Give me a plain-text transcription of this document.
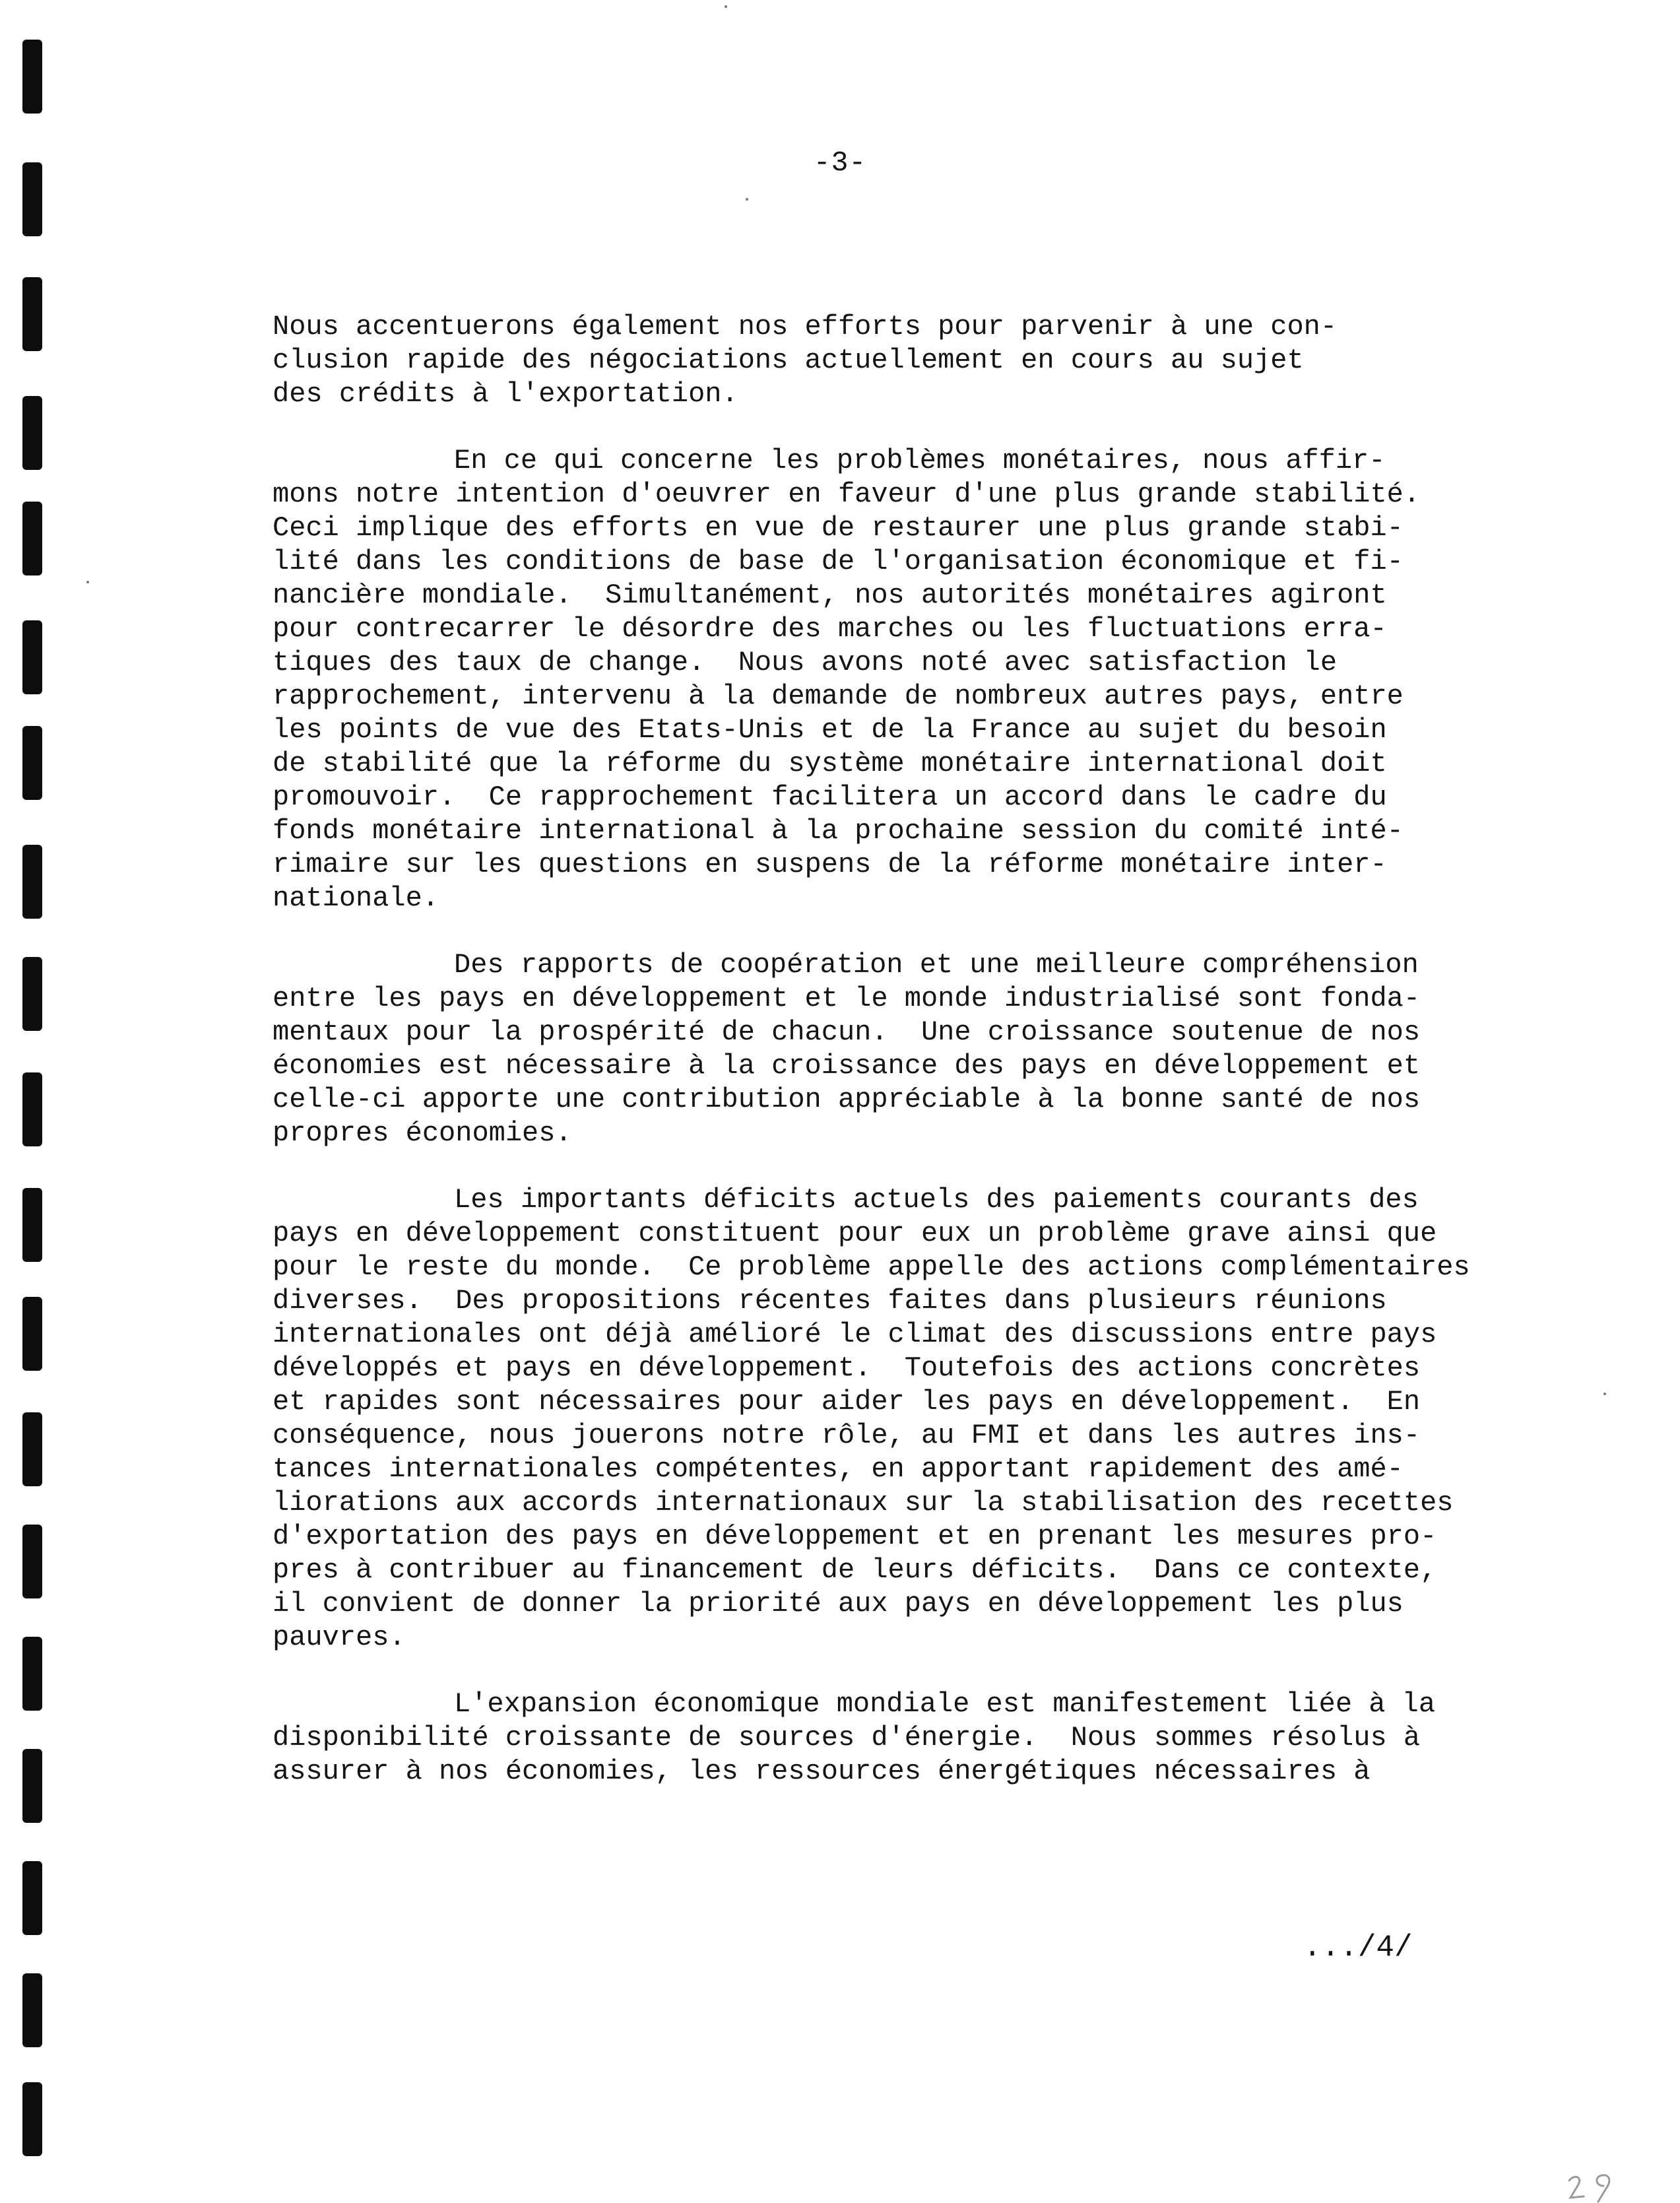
-3-
Nous accentuerons également nos efforts pour parvenir à une con-
clusion rapide des négociations actuellement en cours au sujet
des crédits à l'exportation.
En ce qui concerne les problèmes monétaires, nous affir-
mons notre intention d'oeuvrer en faveur d'une plus grande stabilité.
Ceci implique des efforts en vue de restaurer une plus grande stabi-
lité dans les conditions de base de l'organisation économique et fi-
nancière mondiale.  Simultanément, nos autorités monétaires agiront
pour contrecarrer le désordre des marches ou les fluctuations erra-
tiques des taux de change.  Nous avons noté avec satisfaction le
rapprochement, intervenu à la demande de nombreux autres pays, entre
les points de vue des Etats-Unis et de la France au sujet du besoin
de stabilité que la réforme du système monétaire international doit
promouvoir.  Ce rapprochement facilitera un accord dans le cadre du
fonds monétaire international à la prochaine session du comité inté-
rimaire sur les questions en suspens de la réforme monétaire inter-
nationale.
Des rapports de coopération et une meilleure compréhension
entre les pays en développement et le monde industrialisé sont fonda-
mentaux pour la prospérité de chacun.  Une croissance soutenue de nos
économies est nécessaire à la croissance des pays en développement et
celle-ci apporte une contribution appréciable à la bonne santé de nos
propres économies.
Les importants déficits actuels des paiements courants des
pays en développement constituent pour eux un problème grave ainsi que
pour le reste du monde.  Ce problème appelle des actions complémentaires
diverses.  Des propositions récentes faites dans plusieurs réunions
internationales ont déjà amélioré le climat des discussions entre pays
développés et pays en développement.  Toutefois des actions concrètes
et rapides sont nécessaires pour aider les pays en développement.  En
conséquence, nous jouerons notre rôle, au FMI et dans les autres ins-
tances internationales compétentes, en apportant rapidement des amé-
liorations aux accords internationaux sur la stabilisation des recettes
d'exportation des pays en développement et en prenant les mesures pro-
pres à contribuer au financement de leurs déficits.  Dans ce contexte,
il convient de donner la priorité aux pays en développement les plus
pauvres.
L'expansion économique mondiale est manifestement liée à la
disponibilité croissante de sources d'énergie.  Nous sommes résolus à
assurer à nos économies, les ressources énergétiques nécessaires à
.../4/
